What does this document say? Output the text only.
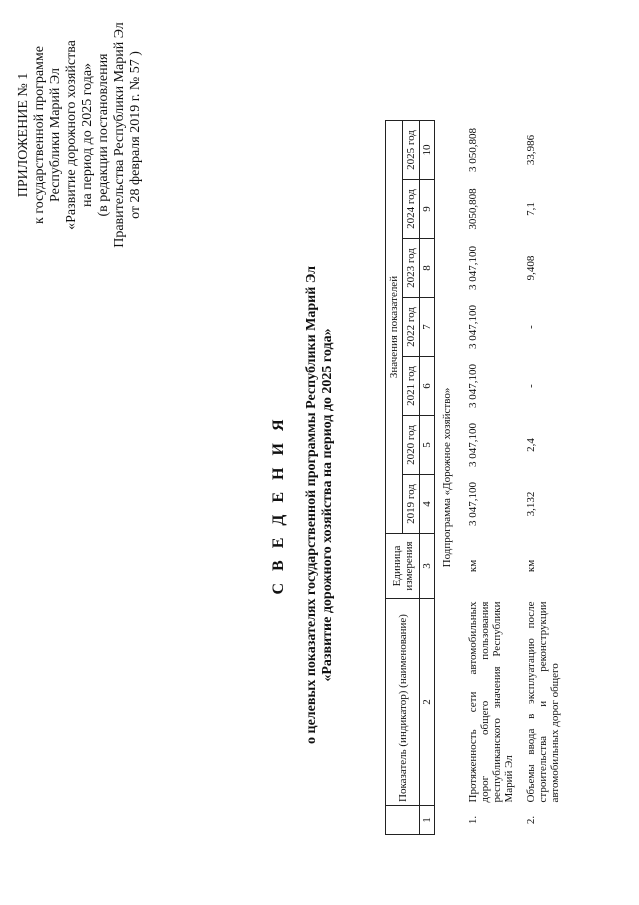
ПРИЛОЖЕНИЕ № 1 к государственной программе Республики Марий Эл «Развитие дорожного хозяйства на период до 2025 года» (в редакции постановления Правительства Республики Марий Эл от 28 февраля 2019 г. № 57 )
С В Е Д Е Н И Я о целевых показателях государственной программы Республики Марий Эл «Развитие дорожного хозяйства на период до 2025 года»
	Показатель (индикатор) (наименование)	Единица измерения	Значения показателей						
			2019 год	2020 год	2021 год	2022 год	2023 год	2024 год	2025 год
1	2	3	4	5	6	7	8	9	10
Подпрограмма «Дорожное хозяйство»									
1.	Протяженность сети автомобильных дорог общего пользования республиканского значения Республики Марий Эл	км	3 047,100	3 047,100	3 047,100	3 047,100	3 047,100	3050,808	3 050,808
2.	Объемы ввода в эксплуатацию после строительства и реконструкции автомобильных дорог общего	км	3,132	2,4	-	-	9,408	7,1	33,986
